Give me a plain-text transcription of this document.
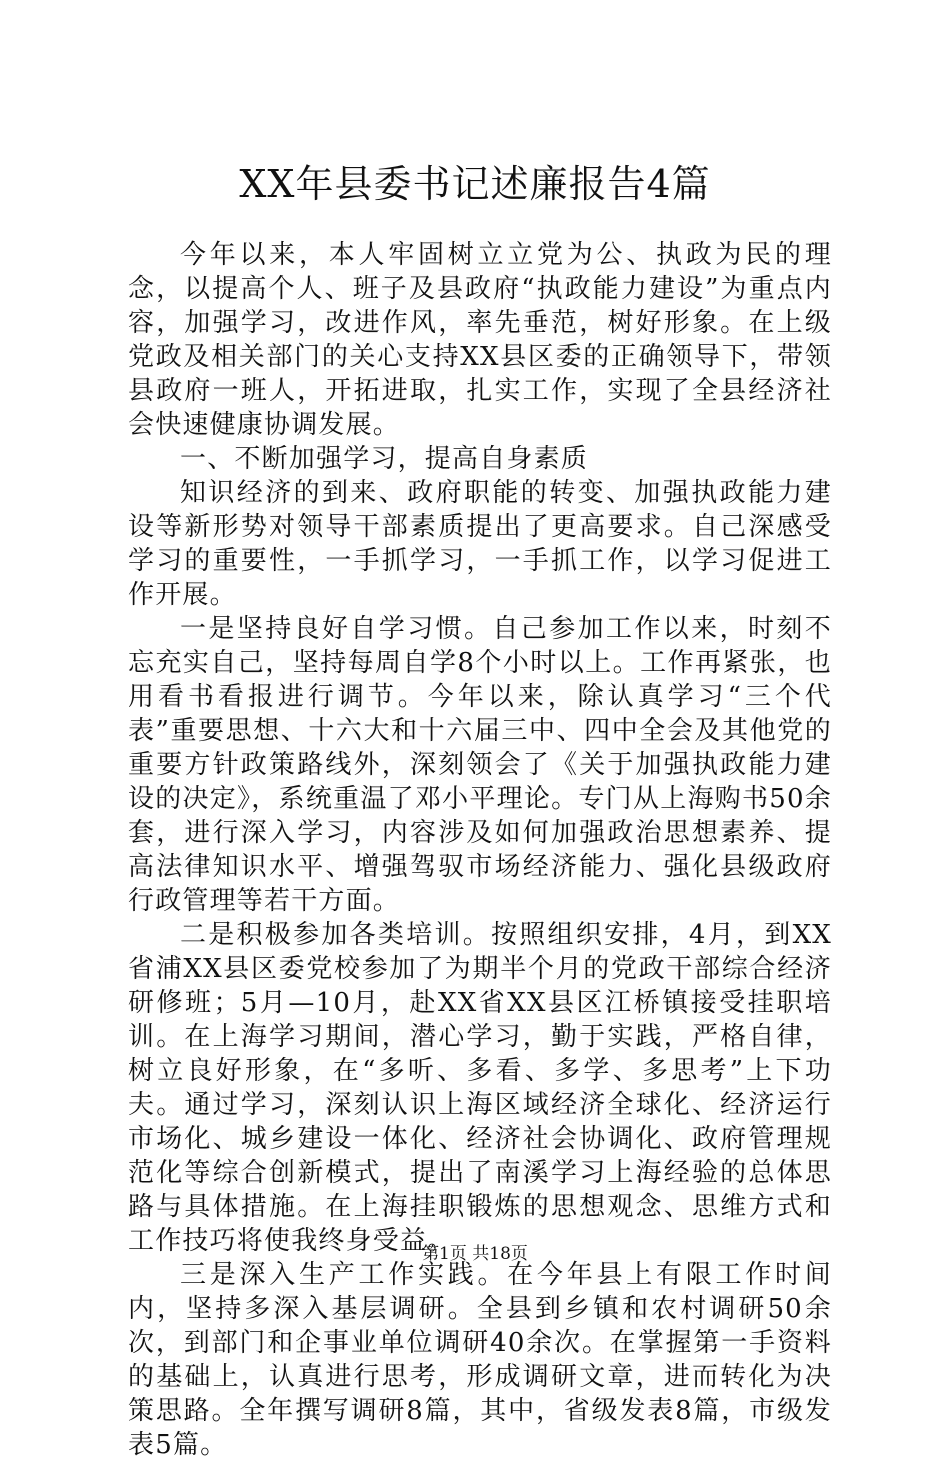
XX年县委书记述廉报告4篇

今年以来，本人牢固树立立党为公、执政为民的理念，以提高个人、班子及县政府“执政能力建设”为重点内容，加强学习，改进作风，率先垂范，树好形象。在上级党政及相关部门的关心支持XX县区委的正确领导下，带领县政府一班人，开拓进取，扎实工作，实现了全县经济社会快速健康协调发展。

一、不断加强学习，提高自身素质

知识经济的到来、政府职能的转变、加强执政能力建设等新形势对领导干部素质提出了更高要求。自己深感受学习的重要性，一手抓学习，一手抓工作，以学习促进工作开展。

一是坚持良好自学习惯。自己参加工作以来，时刻不忘充实自己，坚持每周自学8个小时以上。工作再紧张，也用看书看报进行调节。今年以来，除认真学习“三个代表”重要思想、十六大和十六届三中、四中全会及其他党的重要方针政策路线外，深刻领会了《关于加强执政能力建设的决定》，系统重温了邓小平理论。专门从上海购书50余套，进行深入学习，内容涉及如何加强政治思想素养、提高法律知识水平、增强驾驭市场经济能力、强化县级政府行政管理等若干方面。

二是积极参加各类培训。按照组织安排，4月，到XX省浦XX县区委党校参加了为期半个月的党政干部综合经济研修班；5月—10月，赴XX省XX县区江桥镇接受挂职培训。在上海学习期间，潜心学习，勤于实践，严格自律，树立良好形象，在“多听、多看、多学、多思考”上下功夫。通过学习，深刻认识上海区域经济全球化、经济运行市场化、城乡建设一体化、经济社会协调化、政府管理规范化等综合创新模式，提出了南溪学习上海经验的总体思路与具体措施。在上海挂职锻炼的思想观念、思维方式和工作技巧将使我终身受益。

三是深入生产工作实践。在今年县上有限工作时间内，坚持多深入基层调研。全县到乡镇和农村调研50余次，到部门和企事业单位调研40余次。在掌握第一手资料的基础上，认真进行思考，形成调研文章，进而转化为决策思路。全年撰写调研8篇，其中，省级发表8篇，市级发表5篇。

第1页 共18页
